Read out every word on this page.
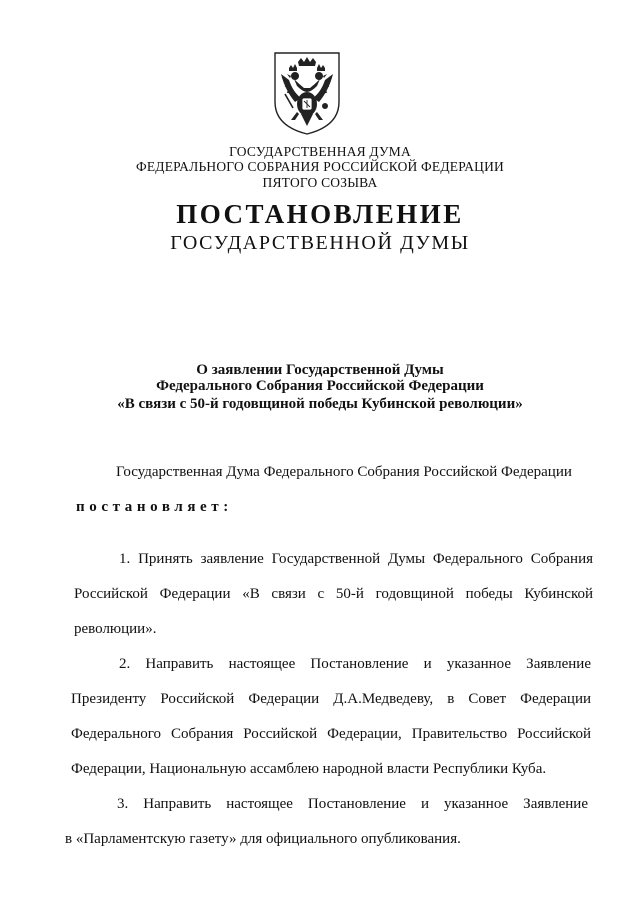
ГОСУДАРСТВЕННАЯ ДУМА
ФЕДЕРАЛЬНОГО СОБРАНИЯ РОССИЙСКОЙ ФЕДЕРАЦИИ
ПЯТОГО СОЗЫВА
ПОСТАНОВЛЕНИЕ
ГОСУДАРСТВЕННОЙ ДУМЫ
О заявлении Государственной Думы
Федерального Собрания Российской Федерации
«В связи с 50-й годовщиной победы Кубинской революции»
Государственная Дума Федерального Собрания Российской Федерации
постановляет:
1. Принять заявление Государственной Думы Федерального Собрания
Российской Федерации «В связи с 50-й годовщиной победы Кубинской
революции».
2. Направить настоящее Постановление и указанное Заявление
Президенту Российской Федерации Д.А.Медведеву, в Совет Федерации
Федерального Собрания Российской Федерации, Правительство Российской
Федерации, Национальную ассамблею народной власти Республики Куба.
3. Направить настоящее Постановление и указанное Заявление
в «Парламентскую газету» для официального опубликования.
